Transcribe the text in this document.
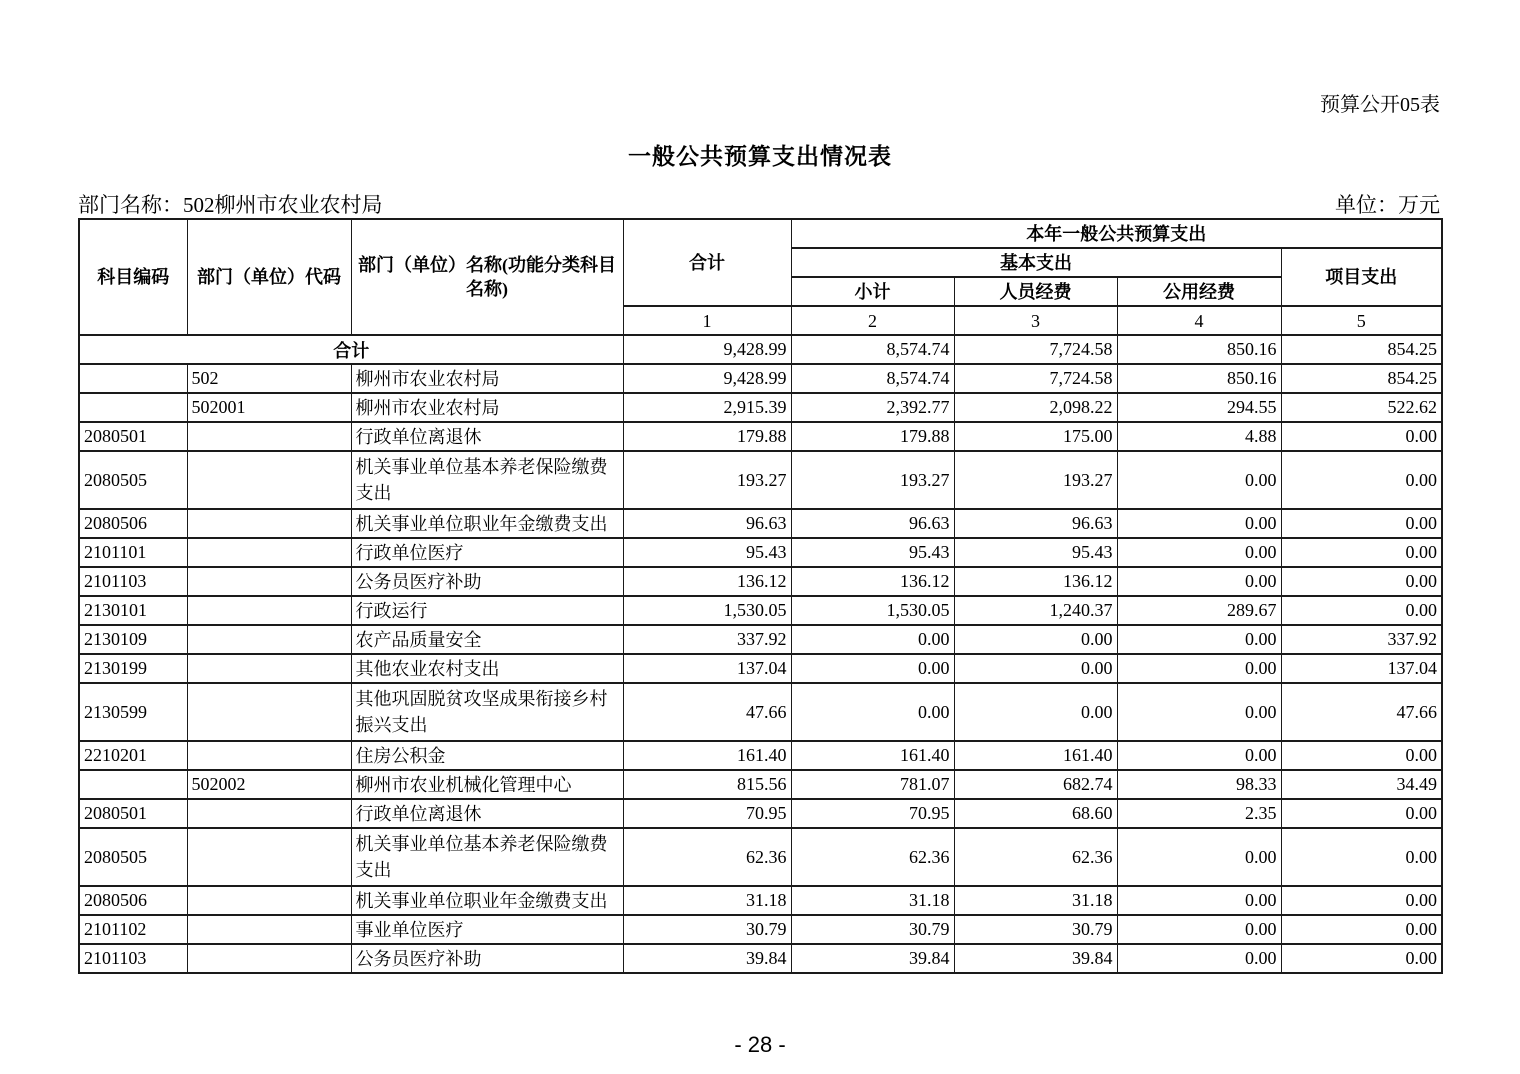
预算公开05表
一般公共预算支出情况表
部门名称：502柳州市农业农村局	单位：万元
科目编码	部门（单位）代码	部门（单位）名称(功能分类科目名称)	合计	本年一般公共预算支出			
				基本支出			项目支出
				小计	人员经费	公用经费	
			1	2	3	4	5
合计			9,428.99	8,574.74	7,724.58	850.16	854.25
	502	柳州市农业农村局	9,428.99	8,574.74	7,724.58	850.16	854.25
	502001	柳州市农业农村局	2,915.39	2,392.77	2,098.22	294.55	522.62
2080501		行政单位离退休	179.88	179.88	175.00	4.88	0.00
2080505		机关事业单位基本养老保险缴费支出	193.27	193.27	193.27	0.00	0.00
2080506		机关事业单位职业年金缴费支出	96.63	96.63	96.63	0.00	0.00
2101101		行政单位医疗	95.43	95.43	95.43	0.00	0.00
2101103		公务员医疗补助	136.12	136.12	136.12	0.00	0.00
2130101		行政运行	1,530.05	1,530.05	1,240.37	289.67	0.00
2130109		农产品质量安全	337.92	0.00	0.00	0.00	337.92
2130199		其他农业农村支出	137.04	0.00	0.00	0.00	137.04
2130599		其他巩固脱贫攻坚成果衔接乡村振兴支出	47.66	0.00	0.00	0.00	47.66
2210201		住房公积金	161.40	161.40	161.40	0.00	0.00
	502002	柳州市农业机械化管理中心	815.56	781.07	682.74	98.33	34.49
2080501		行政单位离退休	70.95	70.95	68.60	2.35	0.00
2080505		机关事业单位基本养老保险缴费支出	62.36	62.36	62.36	0.00	0.00
2080506		机关事业单位职业年金缴费支出	31.18	31.18	31.18	0.00	0.00
2101102		事业单位医疗	30.79	30.79	30.79	0.00	0.00
2101103		公务员医疗补助	39.84	39.84	39.84	0.00	0.00
- 28 -
